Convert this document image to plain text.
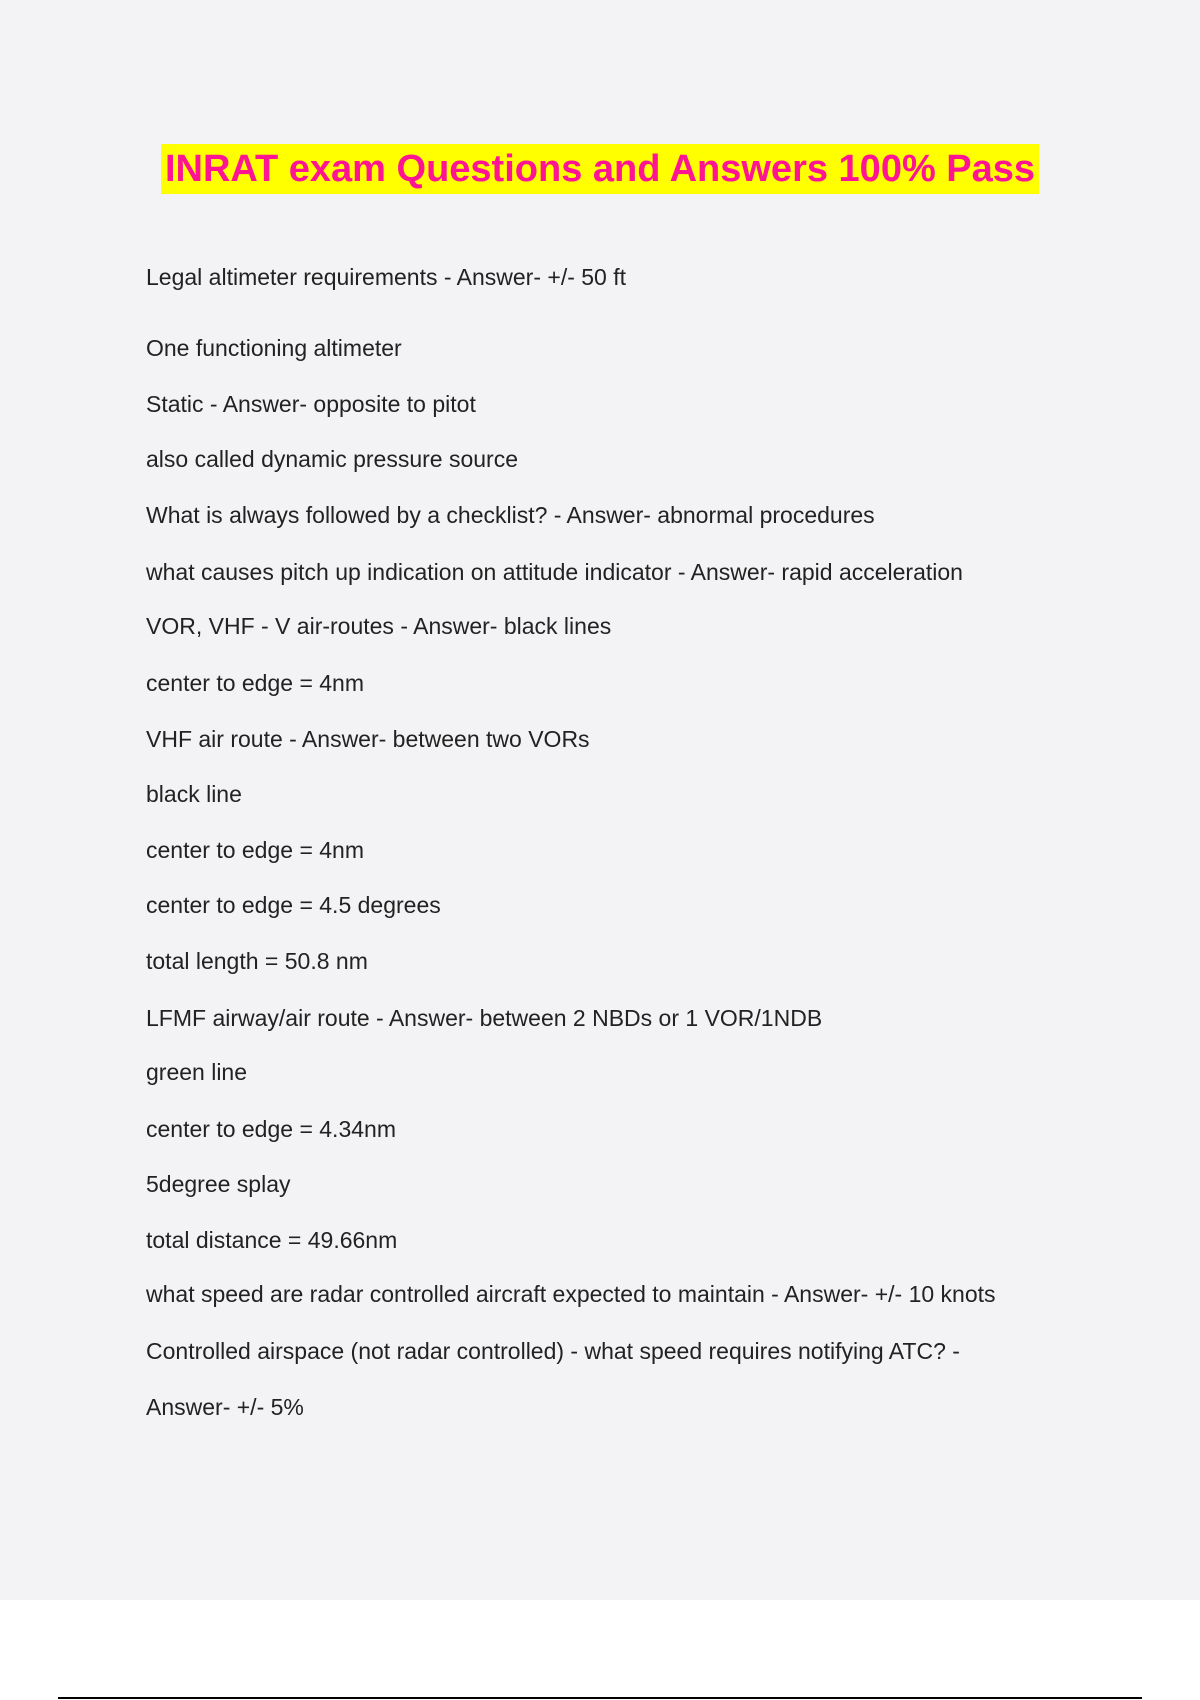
INRAT exam Questions and Answers 100% Pass
Legal altimeter requirements - Answer- +/- 50 ft
One functioning altimeter
Static - Answer- opposite to pitot
also called dynamic pressure source
What is always followed by a checklist? - Answer- abnormal procedures
what causes pitch up indication on attitude indicator - Answer- rapid acceleration
VOR, VHF - V air-routes - Answer- black lines
center to edge = 4nm
VHF air route - Answer- between two VORs
black line
center to edge = 4nm
center to edge = 4.5 degrees
total length = 50.8 nm
LFMF airway/air route - Answer- between 2 NBDs or 1 VOR/1NDB
green line
center to edge = 4.34nm
5degree splay
total distance = 49.66nm
what speed are radar controlled aircraft expected to maintain - Answer- +/- 10 knots
Controlled airspace (not radar controlled) - what speed requires notifying ATC? -
Answer- +/- 5%
